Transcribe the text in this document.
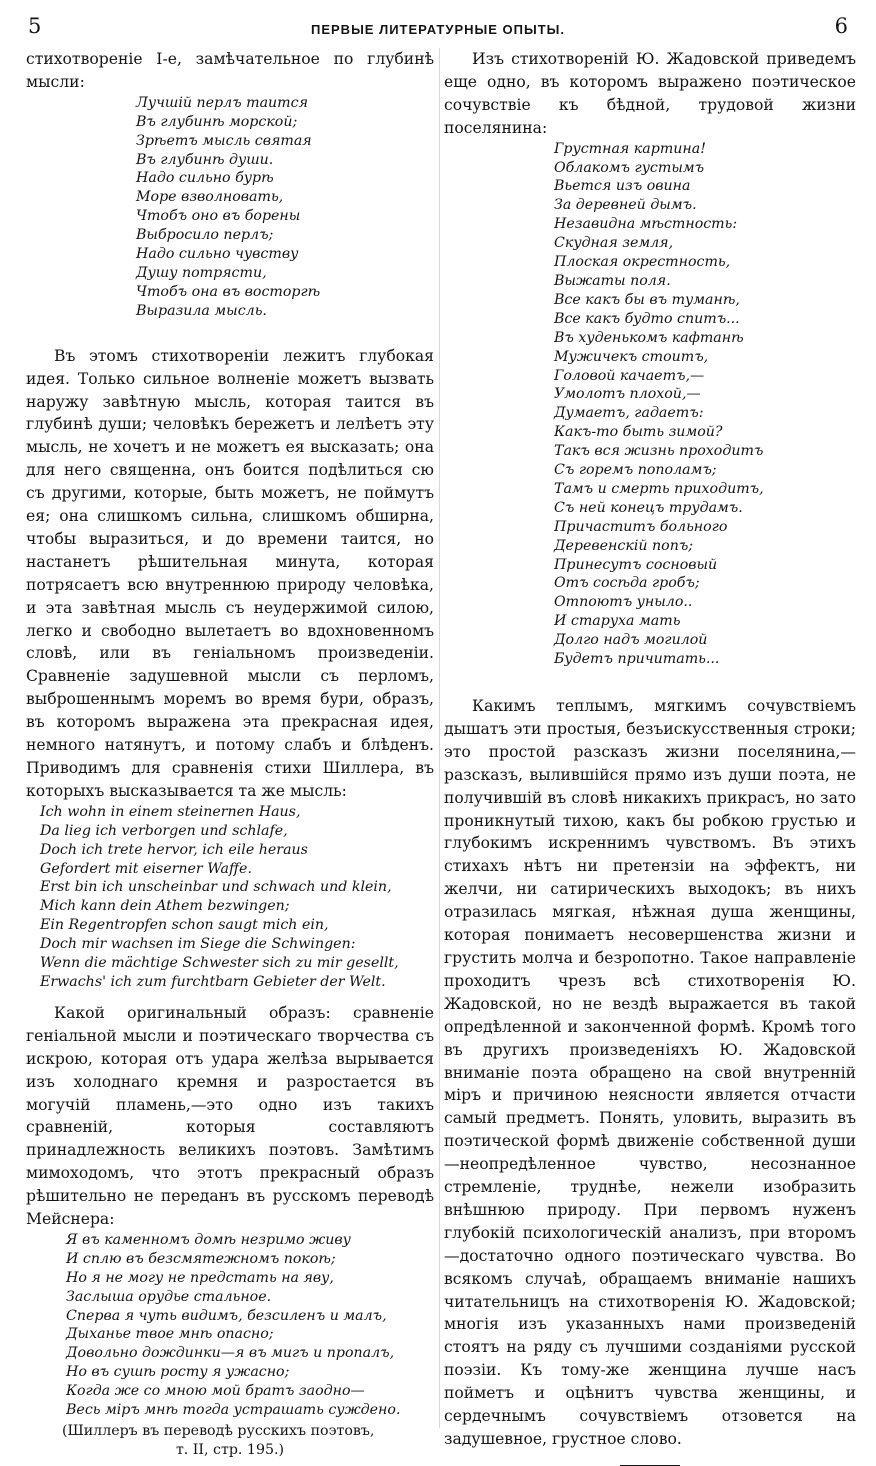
5	ПЕРВЫЕ ЛИТЕРАТУРНЫЕ ОПЫТЫ.	6

стихотвореніе I-е, замѣчательное по глубинѣ мысли:

Лучшій перлъ таится
Въ глубинѣ морской;
Зрѣетъ мысль святая
Въ глубинѣ души.
Надо сильно бурѣ
Море взволновать,
Чтобъ оно въ борены
Выбросило перлъ;
Надо сильно чувству
Душу потрясти,
Чтобъ она въ восторгѣ
Выразила мысль.

Въ этомъ стихотвореніи лежитъ глубокая идея. Только сильное волненіе можетъ вызвать наружу завѣтную мысль, которая таится въ глубинѣ души; человѣкъ бережетъ и лелѣетъ эту мысль, не хочетъ и не можетъ ея высказать; она для него священна, онъ боится подѣлиться сю съ другими, которые, быть можетъ, не поймутъ ея; она слишкомъ сильна, слишкомъ обширна, чтобы выразиться, и до времени таится, но настанетъ рѣшительная минута, которая потрясаетъ всю внутреннюю природу человѣка, и эта завѣтная мысль съ неудержимой силою, легко и свободно вылетаетъ во вдохновенномъ словѣ, или въ геніальномъ произведеніи. Сравненіе задушевной мысли съ перломъ, выброшеннымъ моремъ во время бури, образъ, въ которомъ выражена эта прекрасная идея, немного натянутъ, и потому слабъ и блѣденъ. Приводимъ для сравненія стихи Шиллера, въ которыхъ высказывается та же мысль:

Ich wohn in einem steinernen Haus,
Da lieg ich verborgen und schlafe,
Doch ich trete hervor, ich eile heraus
Gefordert mit eiserner Waffe.
Erst bin ich unscheinbar und schwach und klein,
Mich kann dein Athem bezwingen;
Ein Regentropfen schon saugt mich ein,
Doch mir wachsen im Siege die Schwingen:
Wenn die mächtige Schwester sich zu mir gesellt,
Erwachs' ich zum furchtbarn Gebieter der Welt.

Какой оригинальный образъ: сравненіе геніальной мысли и поэтическаго творчества съ искрою, которая отъ удара желѣза вырывается изъ холоднаго кремня и разростается въ могучій пламень,—это одно изъ такихъ сравненій, которыя составляютъ принадлежность великихъ поэтовъ. Замѣтимъ мимоходомъ, что этотъ прекрасный образъ рѣшительно не переданъ въ русскомъ переводѣ Мейснера:

Я въ каменномъ домѣ незримо живу
И сплю въ безсмятежномъ покоѣ;
Но я не могу не предстать на яву,
Заслыша орудье стальное.
Сперва я чуть видимъ, безсиленъ и малъ,
Дыханье твое мнѣ опасно;
Довольно дождинки—я въ мигъ и пропалъ,
Но въ сушѣ росту я ужасно;
Когда же со мною мой братъ заодно—
Весь міръ мнѣ тогда устрашать суждено.
(Шиллеръ въ переводѣ русскихъ поэтовъ,
т. II, стр. 195.)

Изъ стихотвореній Ю. Жадовской приведемъ еще одно, въ которомъ выражено поэтическое сочувствіе къ бѣдной, трудовой жизни поселянина:

Грустная картина!
Облакомъ густымъ
Вьется изъ овина
За деревней дымъ.
Незавидна мѣстность:
Скудная земля,
Плоская окрестность,
Выжаты поля.
Все какъ бы въ туманѣ,
Все какъ будто спитъ...
Въ худенькомъ кафтанѣ
Мужичекъ стоитъ,
Головой качаетъ,—
Умолотъ плохой,—
Думаетъ, гадаетъ:
Какъ-то быть зимой?
Такъ вся жизнь проходитъ
Съ горемъ пополамъ;
Тамъ и смерть приходитъ,
Съ ней конецъ трудамъ.
Причаститъ больного
Деревенскій попъ;
Принесутъ сосновый
Отъ сосѣда гробъ;
Отпоютъ уныло..
И старуха мать
Долго надъ могилой
Будетъ причитать...

Какимъ теплымъ, мягкимъ сочувствіемъ дышатъ эти простыя, безъискусственныя строки; это простой разсказъ жизни поселянина,—разсказъ, вылившійся прямо изъ души поэта, не получившій въ словѣ никакихъ прикрасъ, но зато проникнутый тихою, какъ бы робкою грустью и глубокимъ искреннимъ чувствомъ. Въ этихъ стихахъ нѣтъ ни претензіи на эффектъ, ни желчи, ни сатирическихъ выходокъ; въ нихъ отразилась мягкая, нѣжная душа женщины, которая понимаетъ несовершенства жизни и грустить молча и безропотно. Такое направленіе проходитъ чрезъ всѣ стихотворенія Ю. Жадовской, но не вездѣ выражается въ такой опредѣленной и законченной формѣ. Кромѣ того въ другихъ произведеніяхъ Ю. Жадовской вниманіе поэта обращено на свой внутренній міръ и причиною неясности является отчасти самый предметъ. Понять, уловить, выразить въ поэтической формѣ движеніе собственной души—неопредѣленное чувство, несознанное стремленіе, труднѣе, нежели изобразить внѣшнюю природу. При первомъ нуженъ глубокій психологическій анализъ, при второмъ—достаточно одного поэтическаго чувства. Во всякомъ случаѣ, обращаемъ вниманіе нашихъ читательницъ на стихотворенія Ю. Жадовской; многія изъ указанныхъ нами произведеній стоятъ на ряду съ лучшими созданіями русской поэзіи. Къ тому-же женщина лучше насъ пойметъ и оцѣнитъ чувства женщины, и сердечнымъ сочувствіемъ отзовется на задушевное, грустное слово.
